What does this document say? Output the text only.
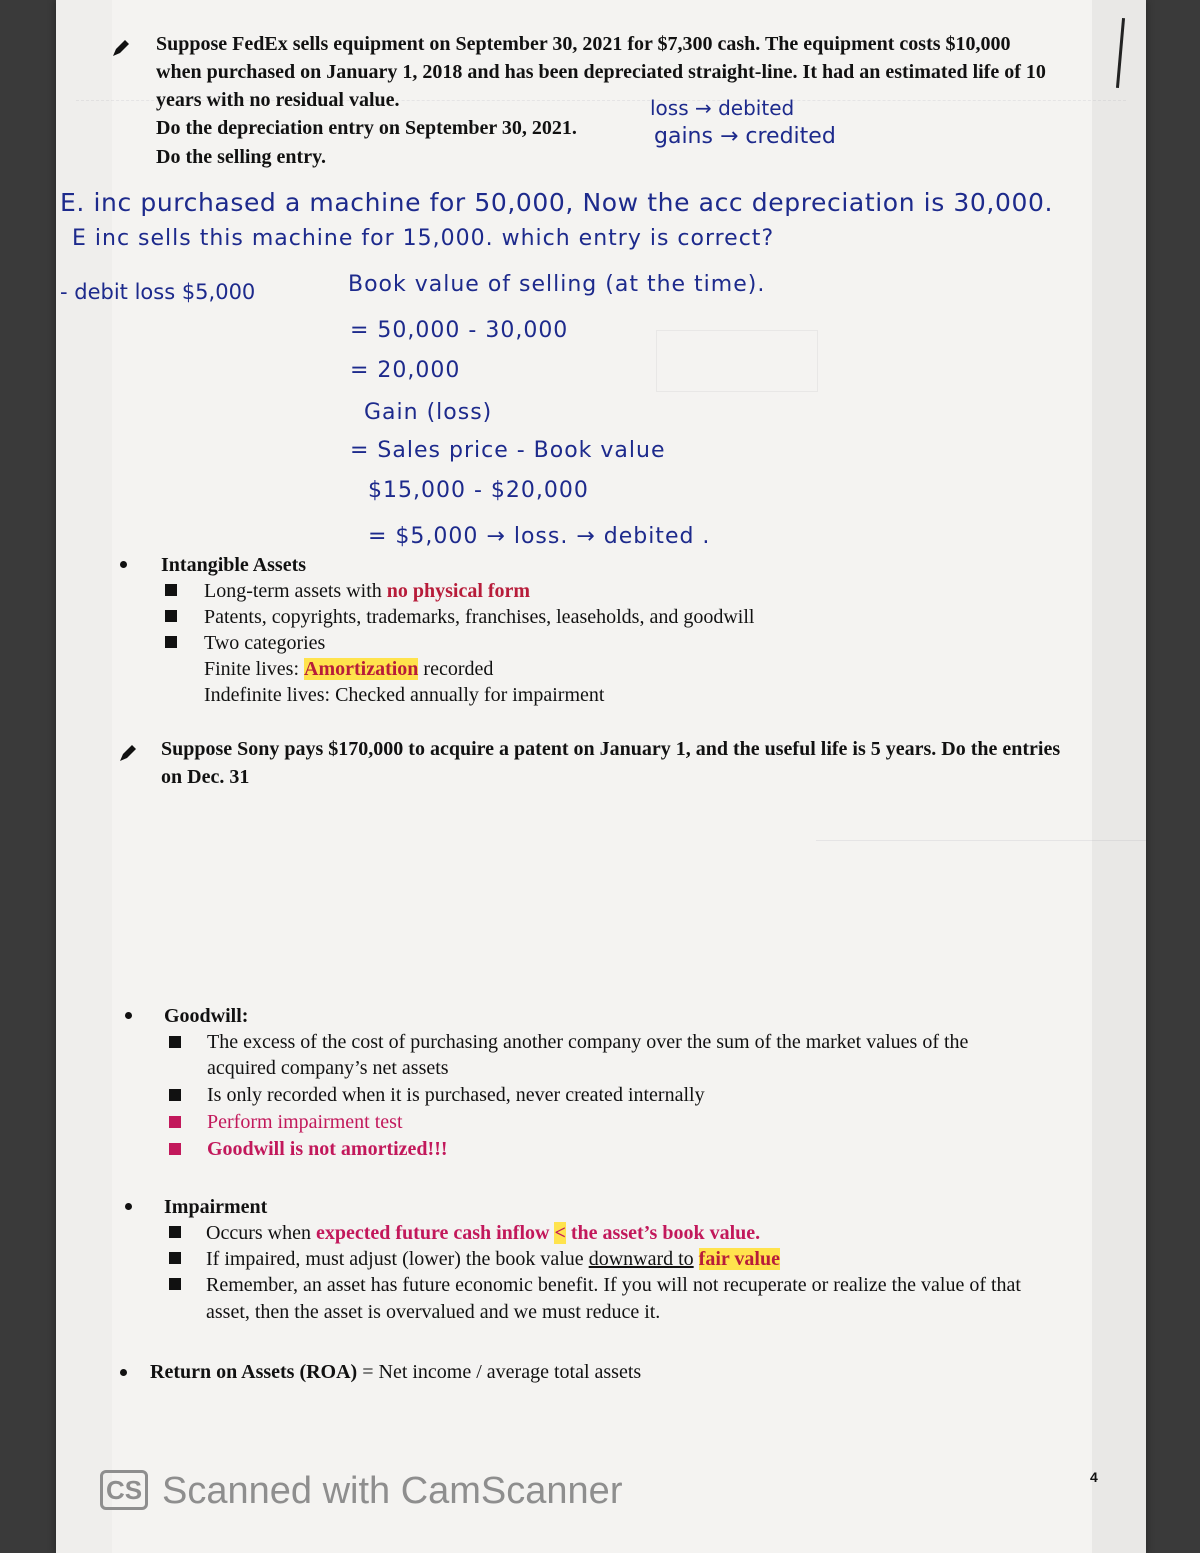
Suppose FedEx sells equipment on September 30, 2021 for $7,300 cash. The equipment costs $10,000
when purchased on January 1, 2018 and has been depreciated straight-line. It had an estimated life of 10
years with no residual value.
Do the depreciation entry on September 30, 2021.
Do the selling entry.
loss → debited
gains → credited
E. inc purchased a machine for 50,000, Now the acc depreciation is 30,000.
E inc sells this machine for 15,000. which entry is correct?
- debit loss $5,000	Book value of selling (at the time).
= 50,000 - 30,000
= 20,000
Gain (loss)
= Sales price - Book value
$15,000 - $20,000
= $5,000 → loss. → debited .
Intangible Assets
Long-term assets with no physical form
Patents, copyrights, trademarks, franchises, leaseholds, and goodwill
Two categories
Finite lives: Amortization recorded
Indefinite lives: Checked annually for impairment
Suppose Sony pays $170,000 to acquire a patent on January 1, and the useful life is 5 years. Do the entries
on Dec. 31
Goodwill:
The excess of the cost of purchasing another company over the sum of the market values of the
acquired company’s net assets
Is only recorded when it is purchased, never created internally
Perform impairment test
Goodwill is not amortized!!!
Impairment
Occurs when expected future cash inflow < the asset’s book value.
If impaired, must adjust (lower) the book value downward to fair value
Remember, an asset has future economic benefit. If you will not recuperate or realize the value of that
asset, then the asset is overvalued and we must reduce it.
Return on Assets (ROA) = Net income / average total assets
CS Scanned with CamScanner	4
